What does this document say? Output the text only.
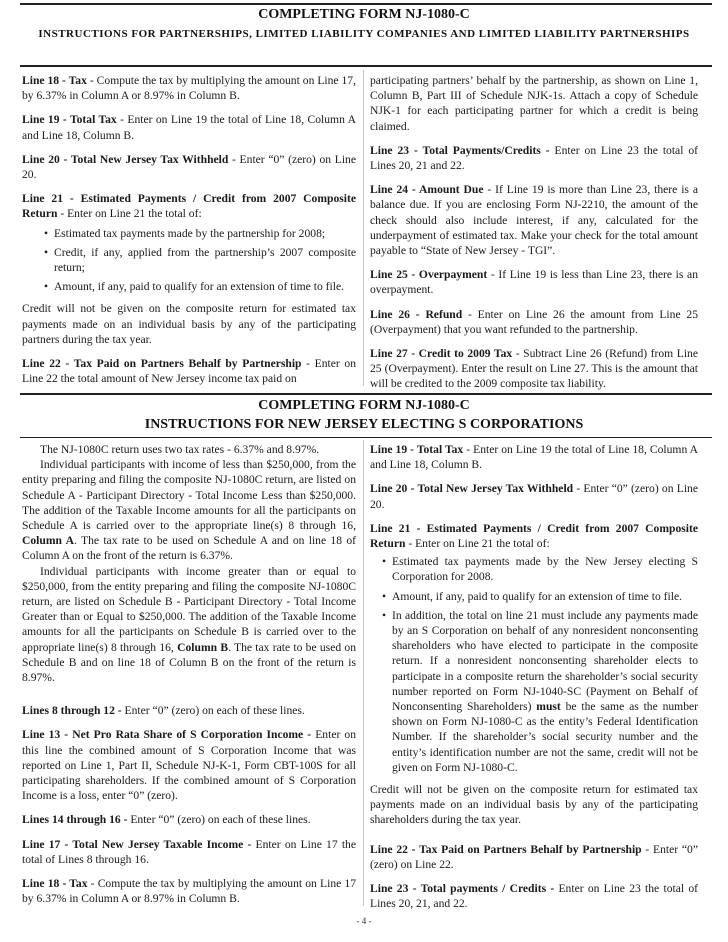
COMPLETING FORM NJ-1080-C
INSTRUCTIONS FOR PARTNERSHIPS, LIMITED LIABILITY COMPANIES AND LIMITED LIABILITY PARTNERSHIPS

Line 18 - Tax - Compute the tax by multiplying the amount on Line 17, by 6.37% in Column A or 8.97% in Column B.

Line 19 - Total Tax - Enter on Line 19 the total of Line 18, Column A and Line 18, Column B.

Line 20 - Total New Jersey Tax Withheld - Enter “0” (zero) on Line 20.

Line 21 - Estimated Payments / Credit from 2007 Composite Return - Enter on Line 21 the total of:

• Estimated tax payments made by the partnership for 2008;
• Credit, if any, applied from the partnership’s 2007 composite return;
• Amount, if any, paid to qualify for an extension of time to file.

Credit will not be given on the composite return for estimated tax payments made on an individual basis by any of the participating partners during the tax year.

Line 22 - Tax Paid on Partners Behalf by Partnership - Enter on Line 22 the total amount of New Jersey income tax paid on

participating partners’ behalf by the partnership, as shown on Line 1, Column B, Part III of Schedule NJK-1s. Attach a copy of Schedule NJK-1 for each participating partner for which a credit is being claimed.

Line 23 - Total Payments/Credits - Enter on Line 23 the total of Lines 20, 21 and 22.

Line 24 - Amount Due - If Line 19 is more than Line 23, there is a balance due. If you are enclosing Form NJ-2210, the amount of the check should also include interest, if any, calculated for the underpayment of estimated tax. Make your check for the total amount payable to “State of New Jersey - TGI”.

Line 25 - Overpayment - If Line 19 is less than Line 23, there is an overpayment.

Line 26 - Refund - Enter on Line 26 the amount from Line 25 (Overpayment) that you want refunded to the partnership.

Line 27 - Credit to 2009 Tax - Subtract Line 26 (Refund) from Line 25 (Overpayment). Enter the result on Line 27. This is the amount that will be credited to the 2009 composite tax liability.

COMPLETING FORM NJ-1080-C
INSTRUCTIONS FOR NEW JERSEY ELECTING S CORPORATIONS

The NJ-1080C return uses two tax rates - 6.37% and 8.97%.

Individual participants with income of less than $250,000, from the entity preparing and filing the composite NJ-1080C return, are listed on Schedule A - Participant Directory - Total Income Less than $250,000. The addition of the Taxable Income amounts for all the participants on Schedule A is carried over to the appropriate line(s) 8 through 16, Column A. The tax rate to be used on Schedule A and on line 18 of Column A on the front of the return is 6.37%.

Individual participants with income greater than or equal to $250,000, from the entity preparing and filing the composite NJ-1080C return, are listed on Schedule B - Participant Directory - Total Income Greater than or Equal to $250,000. The addition of the Taxable Income amounts for all the participants on Schedule B is carried over to the appropriate line(s) 8 through 16, Column B. The tax rate to be used on Schedule B and on line 18 of Column B on the front of the return is 8.97%.

Lines 8 through 12 - Enter “0” (zero) on each of these lines.

Line 13 - Net Pro Rata Share of S Corporation Income - Enter on this line the combined amount of S Corporation Income that was reported on Line 1, Part II, Schedule NJ-K-1, Form CBT-100S for all participating shareholders. If the combined amount of S Corporation Income is a loss, enter “0” (zero).

Lines 14 through 16 - Enter “0” (zero) on each of these lines.

Line 17 - Total New Jersey Taxable Income - Enter on Line 17 the total of Lines 8 through 16.

Line 18 - Tax - Compute the tax by multiplying the amount on Line 17 by 6.37% in Column A or 8.97% in Column B.

Line 19 - Total Tax - Enter on Line 19 the total of Line 18, Column A and Line 18, Column B.

Line 20 - Total New Jersey Tax Withheld - Enter “0” (zero) on Line 20.

Line 21 - Estimated Payments / Credit from 2007 Composite Return - Enter on Line 21 the total of:

• Estimated tax payments made by the New Jersey electing S Corporation for 2008.
• Amount, if any, paid to qualify for an extension of time to file.
• In addition, the total on line 21 must include any payments made by an S Corporation on behalf of any nonresident nonconsenting shareholders who have elected to participate in the composite return. If a nonresident nonconsenting shareholder elects to participate in a composite return the shareholder’s social security number reported on Form NJ-1040-SC (Payment on Behalf of Nonconsenting Shareholders) must be the same as the number shown on Form NJ-1080-C as the entity’s Federal Identification Number. If the shareholder’s social security number and the entity’s identification number are not the same, credit will not be given on Form NJ-1080-C.

Credit will not be given on the composite return for estimated tax payments made on an individual basis by any of the participating shareholders during the tax year.

Line 22 - Tax Paid on Partners Behalf by Partnership - Enter “0” (zero) on Line 22.

Line 23 - Total payments / Credits - Enter on Line 23 the total of Lines 20, 21, and 22.

- 4 -
